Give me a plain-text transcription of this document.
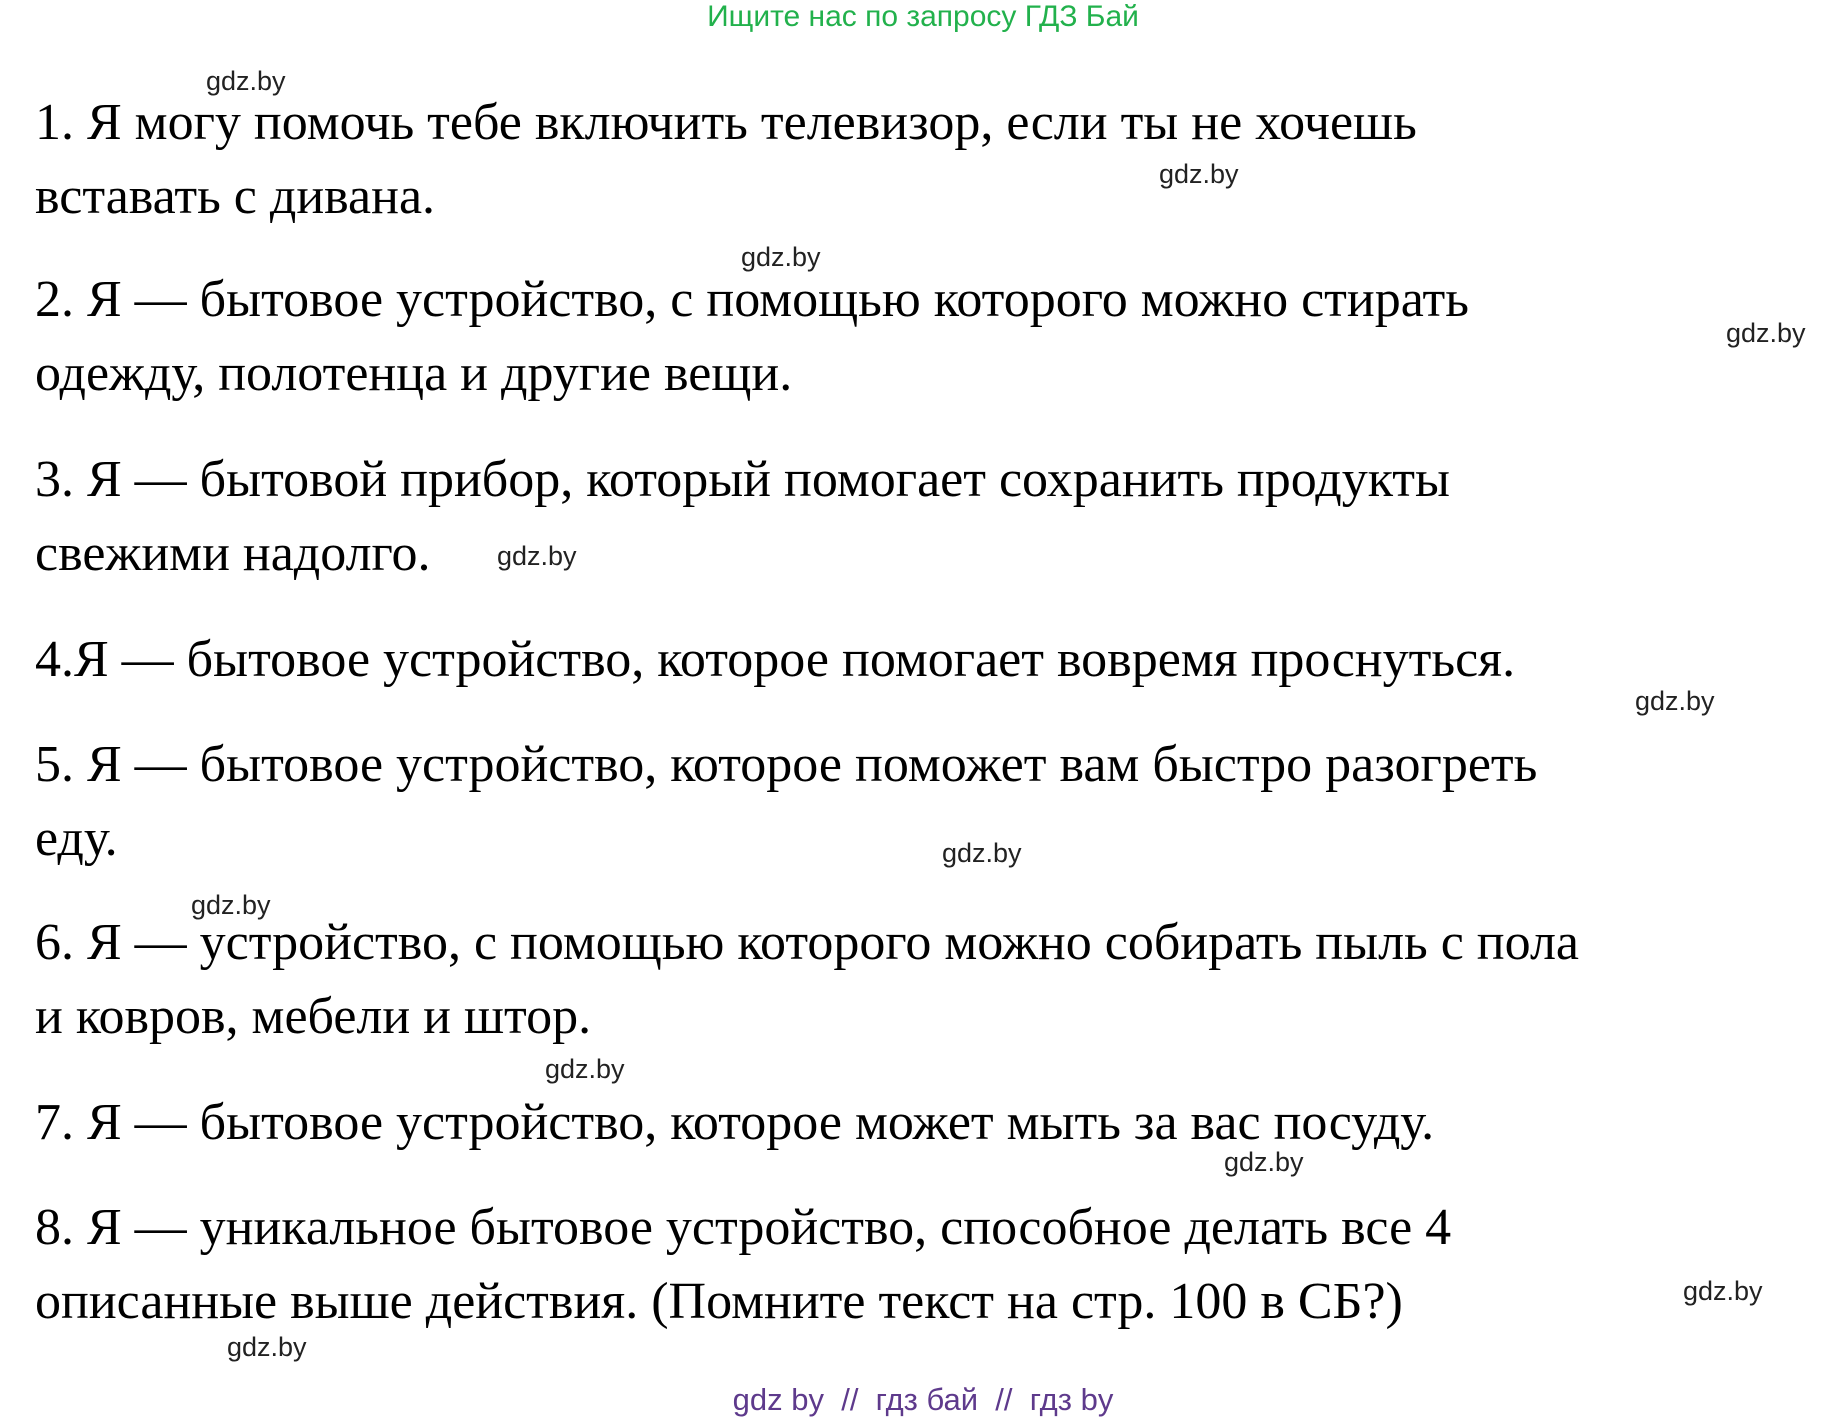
Ищите нас по запросу ГДЗ Бай
1. Я могу помочь тебе включить телевизор, если ты не хочешь
вставать с дивана.
2. Я — бытовое устройство, с помощью которого можно стирать
одежду, полотенца и другие вещи.
3. Я — бытовой прибор, который помогает сохранить продукты
свежими надолго.
4.Я — бытовое устройство, которое помогает вовремя проснуться.
5. Я — бытовое устройство, которое поможет вам быстро разогреть
еду.
6. Я — устройство, с помощью которого можно собирать пыль с пола
и ковров, мебели и штор.
7. Я — бытовое устройство, которое может мыть за вас посуду.
8. Я — уникальное бытовое устройство, способное делать все 4
описанные выше действия. (Помните текст на стр. 100 в СБ?)
gdz.by
gdz.by
gdz.by
gdz.by
gdz.by
gdz.by
gdz.by
gdz.by
gdz.by
gdz.by
gdz.by
gdz.by
gdz by  //  гдз бай  //  гдз by
